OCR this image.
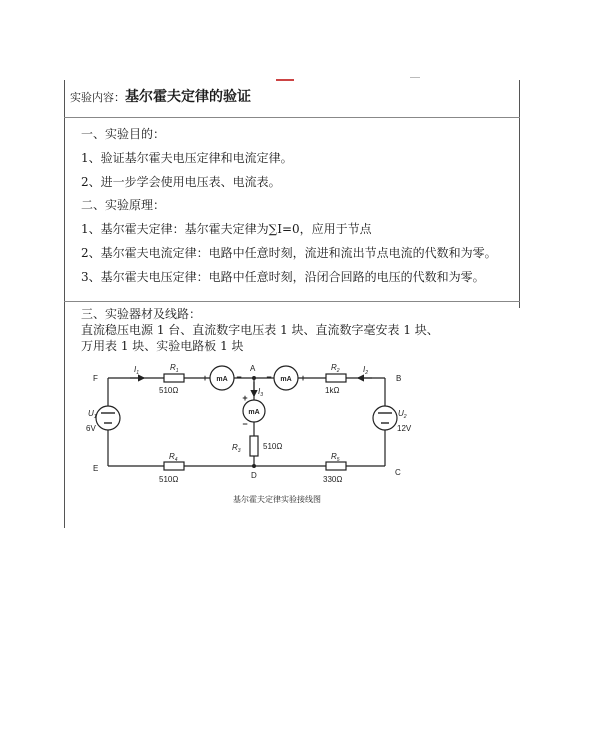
实验内容：基尔霍夫定律的验证
一、实验目的：
1、验证基尔霍夫电压定律和电流定律。
2、进一步学会使用电压表、电流表。
二、实验原理：
1、基尔霍夫定律：基尔霍夫定律为∑I=0，应用于节点
2、基尔霍夫电流定律：电路中任意时刻，流进和流出节点电流的代数和为零。
3、基尔霍夫电压定律：电路中任意时刻，沿闭合回路的电压的代数和为零。
三、实验器材及线路：
直流稳压电源 1 台、直流数字电压表 1 块、直流数字毫安表 1 块、
万用表 1 块、实验电路板 1 块
F
A
B
C
D
E
$R_1$	$R_2$
$R_3$
$R_4$	$R_5$
510Ω	1kΩ
510Ω
510Ω	330Ω
$U_1$
6V
$U_2$
12V
$I_1$	$I_2$
$I_3$
mA	mA
mA
+	−	−	+
+
−
基尔霍夫定律实验接线图
